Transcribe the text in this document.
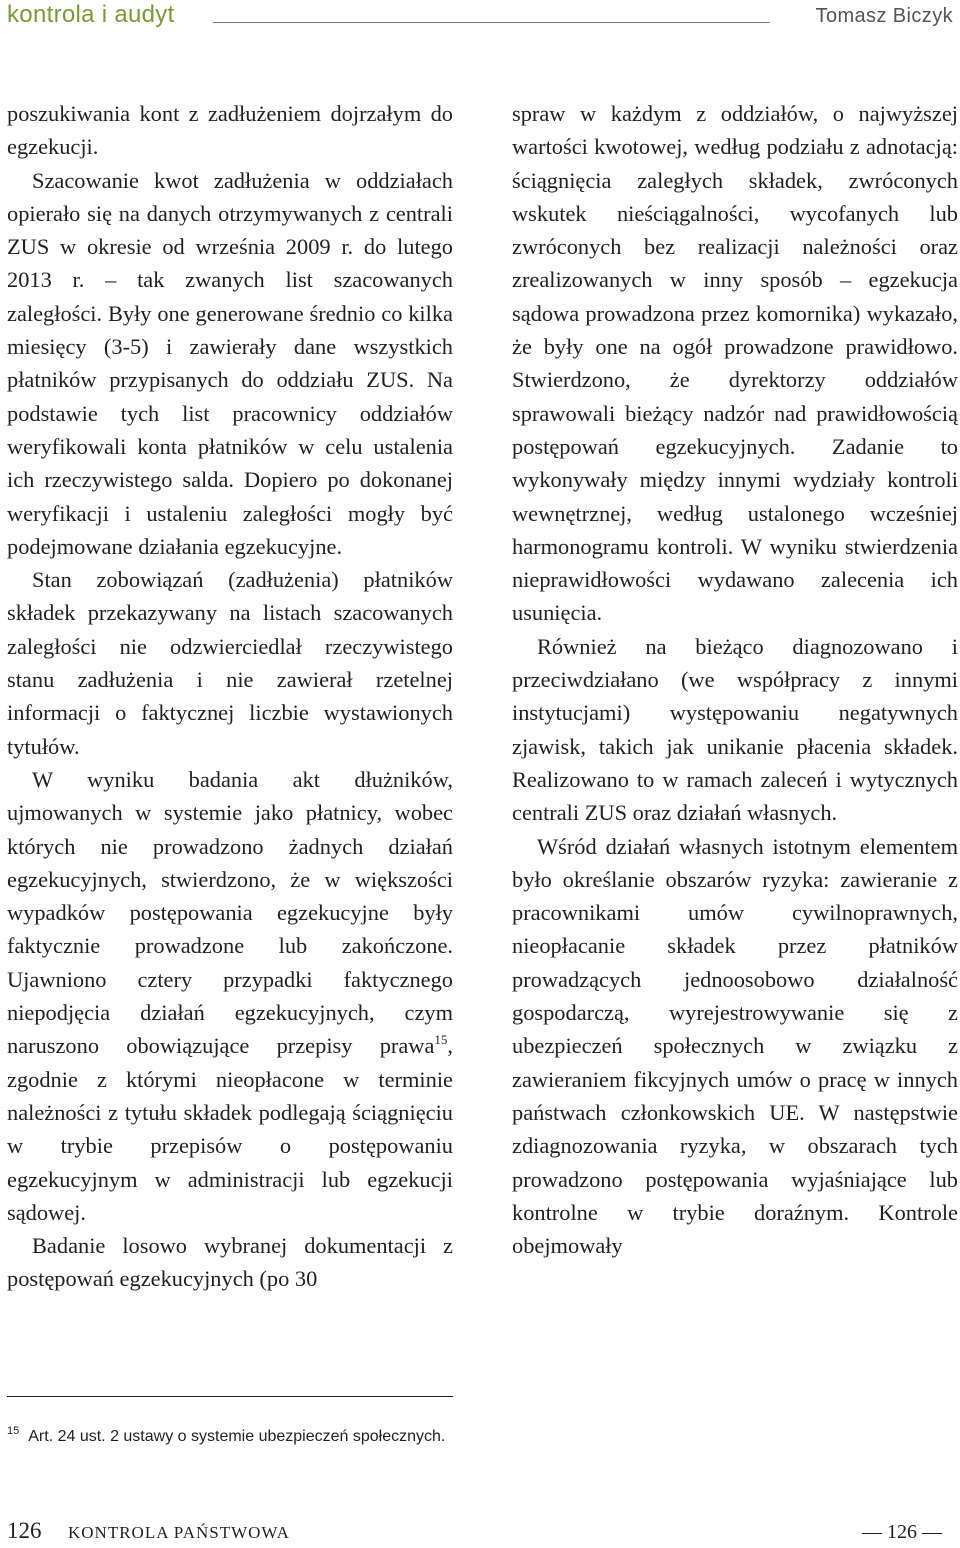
kontrola i audyt	Tomasz Biczyk

poszukiwania kont z zadłużeniem dojrzałym do egzekucji.

Szacowanie kwot zadłużenia w oddziałach opierało się na danych otrzymywanych z centrali ZUS w okresie od września 2009 r. do lutego 2013 r. – tak zwanych list szacowanych zaległości. Były one generowane średnio co kilka miesięcy (3-5) i zawierały dane wszystkich płatników przypisanych do oddziału ZUS. Na podstawie tych list pracownicy oddziałów weryfikowali konta płatników w celu ustalenia ich rzeczywistego salda. Dopiero po dokonanej weryfikacji i ustaleniu zaległości mogły być podejmowane działania egzekucyjne.

Stan zobowiązań (zadłużenia) płatników składek przekazywany na listach szacowanych zaległości nie odzwierciedlał rzeczywistego stanu zadłużenia i nie zawierał rzetelnej informacji o faktycznej liczbie wystawionych tytułów.

W wyniku badania akt dłużników, ujmowanych w systemie jako płatnicy, wobec których nie prowadzono żadnych działań egzekucyjnych, stwierdzono, że w większości wypadków postępowania egzekucyjne były faktycznie prowadzone lub zakończone. Ujawniono cztery przypadki faktycznego niepodjęcia działań egzekucyjnych, czym naruszono obowiązujące przepisy prawa$^{15}$, zgodnie z którymi nieopłacone w terminie należności z tytułu składek podlegają ściągnięciu w trybie przepisów o postępowaniu egzekucyjnym w administracji lub egzekucji sądowej.

Badanie losowo wybranej dokumentacji z postępowań egzekucyjnych (po 30

spraw w każdym z oddziałów, o najwyższej wartości kwotowej, według podziału z adnotacją: ściągnięcia zaległych składek, zwróconych wskutek nieściągalności, wycofanych lub zwróconych bez realizacji należności oraz zrealizowanych w inny sposób – egzekucja sądowa prowadzona przez komornika) wykazało, że były one na ogół prowadzone prawidłowo. Stwierdzono, że dyrektorzy oddziałów sprawowali bieżący nadzór nad prawidłowością postępowań egzekucyjnych. Zadanie to wykonywały między innymi wydziały kontroli wewnętrznej, według ustalonego wcześniej harmonogramu kontroli. W wyniku stwierdzenia nieprawidłowości wydawano zalecenia ich usunięcia.

Również na bieżąco diagnozowano i przeciwdziałano (we współpracy z innymi instytucjami) występowaniu negatywnych zjawisk, takich jak unikanie płacenia składek. Realizowano to w ramach zaleceń i wytycznych centrali ZUS oraz działań własnych.

Wśród działań własnych istotnym elementem było określanie obszarów ryzyka: zawieranie z pracownikami umów cywilnoprawnych, nieopłacanie składek przez płatników prowadzących jednoosobowo działalność gospodarczą, wyrejestrowywanie się z ubezpieczeń społecznych w związku z zawieraniem fikcyjnych umów o pracę w innych państwach członkowskich UE. W następstwie zdiagnozowania ryzyka, w obszarach tych prowadzono postępowania wyjaśniające lub kontrolne w trybie doraźnym. Kontrole obejmowały

$^{15}$ Art. 24 ust. 2 ustawy o systemie ubezpieczeń społecznych.
126 KONTROLA PAŃSTWOWA	— 126 —
